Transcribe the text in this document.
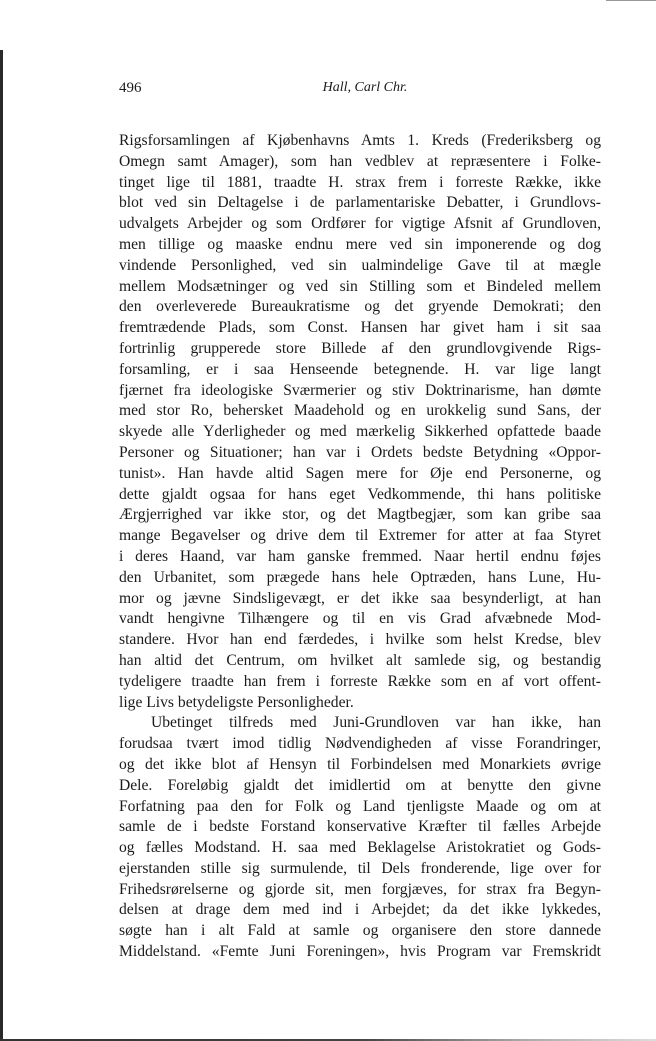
496	Hall, Carl Chr.
Rigsforsamlingen af Kjøbenhavns Amts 1. Kreds (Frederiksberg og
Omegn samt Amager), som han vedblev at repræsentere i Folke-
tinget lige til 1881, traadte H. strax frem i forreste Række, ikke
blot ved sin Deltagelse i de parlamentariske Debatter, i Grundlovs-
udvalgets Arbejder og som Ordfører for vigtige Afsnit af Grundloven,
men tillige og maaske endnu mere ved sin imponerende og dog
vindende Personlighed, ved sin ualmindelige Gave til at mægle
mellem Modsætninger og ved sin Stilling som et Bindeled mellem
den overleverede Bureaukratisme og det gryende Demokrati; den
fremtrædende Plads, som Const. Hansen har givet ham i sit saa
fortrinlig grupperede store Billede af den grundlovgivende Rigs-
forsamling, er i saa Henseende betegnende. H. var lige langt
fjærnet fra ideologiske Sværmerier og stiv Doktrinarisme, han dømte
med stor Ro, behersket Maadehold og en urokkelig sund Sans, der
skyede alle Yderligheder og med mærkelig Sikkerhed opfattede baade
Personer og Situationer; han var i Ordets bedste Betydning «Oppor-
tunist». Han havde altid Sagen mere for Øje end Personerne, og
dette gjaldt ogsaa for hans eget Vedkommende, thi hans politiske
Ærgjerrighed var ikke stor, og det Magtbegjær, som kan gribe saa
mange Begavelser og drive dem til Extremer for atter at faa Styret
i deres Haand, var ham ganske fremmed. Naar hertil endnu føjes
den Urbanitet, som prægede hans hele Optræden, hans Lune, Hu-
mor og jævne Sindsligevægt, er det ikke saa besynderligt, at han
vandt hengivne Tilhængere og til en vis Grad afvæbnede Mod-
standere. Hvor han end færdedes, i hvilke som helst Kredse, blev
han altid det Centrum, om hvilket alt samlede sig, og bestandig
tydeligere traadte han frem i forreste Række som en af vort offent-
lige Livs betydeligste Personligheder.
Ubetinget tilfreds med Juni-Grundloven var han ikke, han
forudsaa tvært imod tidlig Nødvendigheden af visse Forandringer,
og det ikke blot af Hensyn til Forbindelsen med Monarkiets øvrige
Dele. Foreløbig gjaldt det imidlertid om at benytte den givne
Forfatning paa den for Folk og Land tjenligste Maade og om at
samle de i bedste Forstand konservative Kræfter til fælles Arbejde
og fælles Modstand. H. saa med Beklagelse Aristokratiet og Gods-
ejerstanden stille sig surmulende, til Dels fronderende, lige over for
Frihedsrørelserne og gjorde sit, men forgjæves, for strax fra Begyn-
delsen at drage dem med ind i Arbejdet; da det ikke lykkedes,
søgte han i alt Fald at samle og organisere den store dannede
Middelstand. «Femte Juni Foreningen», hvis Program var Fremskridt
